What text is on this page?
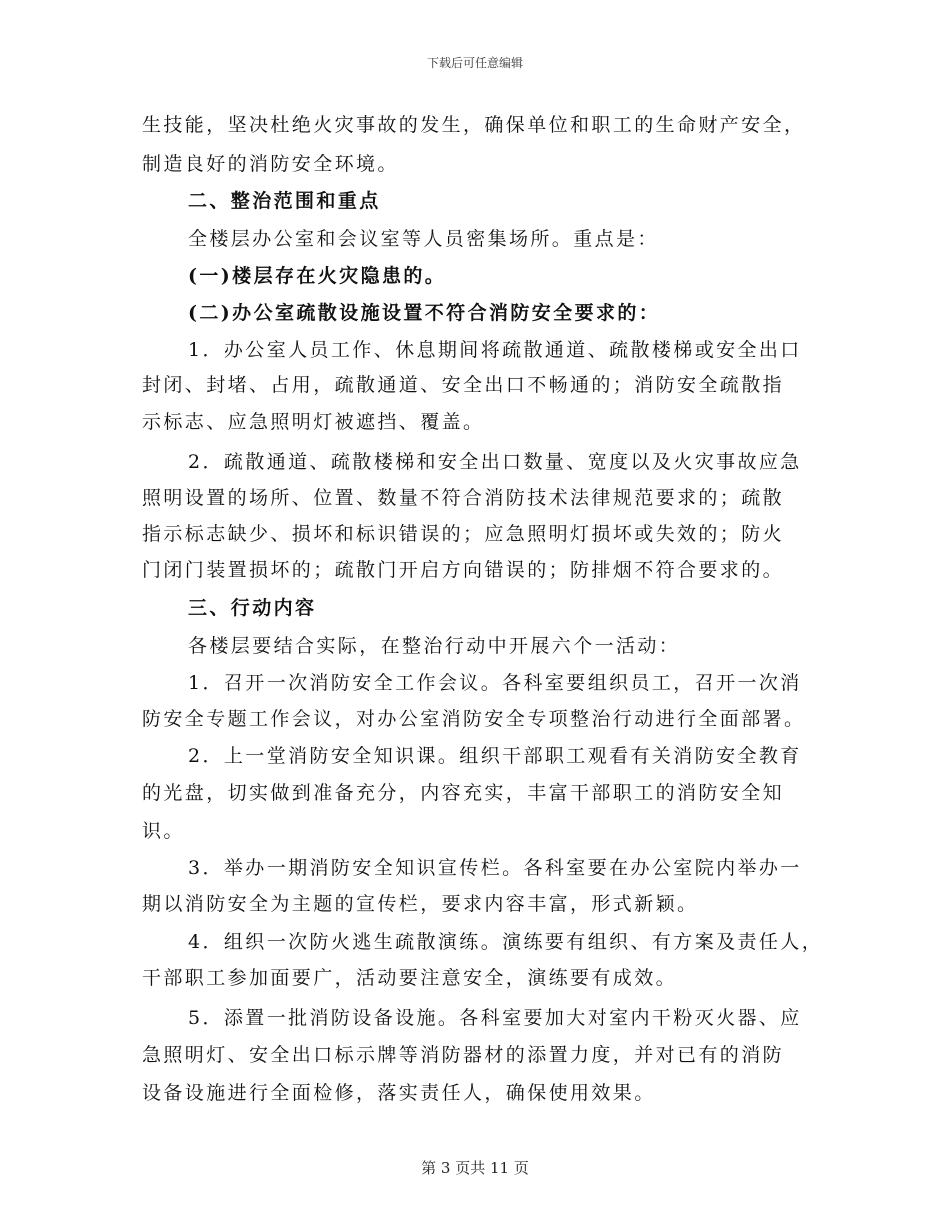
下载后可任意编辑

生技能，坚决杜绝火灾事故的发生，确保单位和职工的生命财产安全，

制造良好的消防安全环境。

二、整治范围和重点

全楼层办公室和会议室等人员密集场所。重点是：

(一)楼层存在火灾隐患的。

(二)办公室疏散设施设置不符合消防安全要求的：

1．办公室人员工作、休息期间将疏散通道、疏散楼梯或安全出口

封闭、封堵、占用，疏散通道、安全出口不畅通的；消防安全疏散指

示标志、应急照明灯被遮挡、覆盖。

2．疏散通道、疏散楼梯和安全出口数量、宽度以及火灾事故应急

照明设置的场所、位置、数量不符合消防技术法律规范要求的；疏散

指示标志缺少、损坏和标识错误的；应急照明灯损坏或失效的；防火

门闭门装置损坏的；疏散门开启方向错误的；防排烟不符合要求的。

三、行动内容

各楼层要结合实际，在整治行动中开展六个一活动：

1．召开一次消防安全工作会议。各科室要组织员工，召开一次消

防安全专题工作会议，对办公室消防安全专项整治行动进行全面部署。

2．上一堂消防安全知识课。组织干部职工观看有关消防安全教育

的光盘，切实做到准备充分，内容充实，丰富干部职工的消防安全知

识。

3．举办一期消防安全知识宣传栏。各科室要在办公室院内举办一

期以消防安全为主题的宣传栏，要求内容丰富，形式新颖。

4．组织一次防火逃生疏散演练。演练要有组织、有方案及责任人，

干部职工参加面要广，活动要注意安全，演练要有成效。

5．添置一批消防设备设施。各科室要加大对室内干粉灭火器、应

急照明灯、安全出口标示牌等消防器材的添置力度，并对已有的消防

设备设施进行全面检修，落实责任人，确保使用效果。

第 3 页共 11 页
